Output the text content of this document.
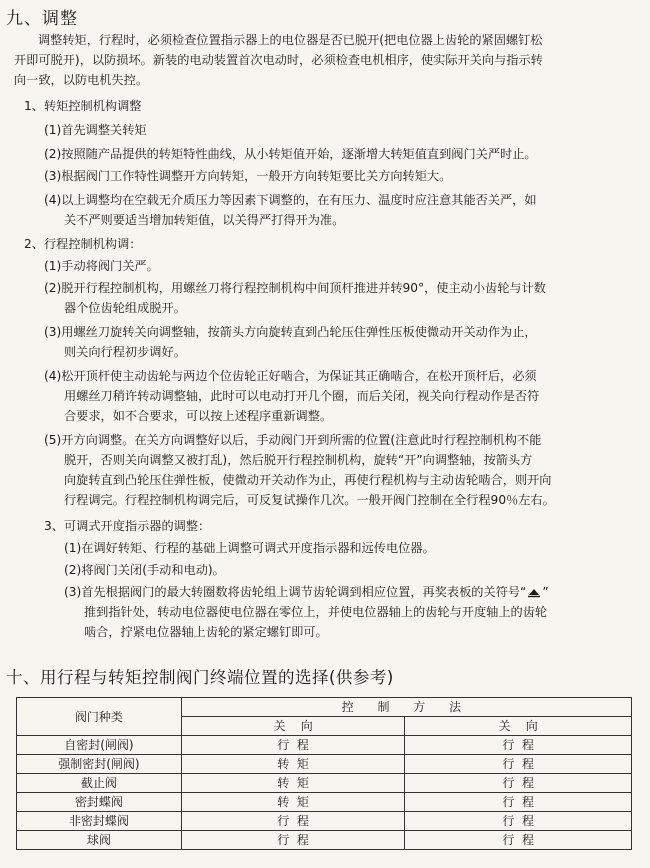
九、调整
调整转矩，行程时，必须检查位置指示器上的电位器是否已脱开(把电位器上齿轮的紧固螺钉松
开即可脱开)，以防损坏。新装的电动装置首次电动时，必须检查电机相序，使实际开关向与指示转
向一致，以防电机失控。
1、转矩控制机构调整
(1)首先调整关转矩
(2)按照随产品提供的转矩特性曲线，从小转矩值开始，逐渐增大转矩值直到阀门关严时止。
(3)根据阀门工作特性调整开方向转矩，一般开方向转矩要比关方向转矩大。
(4)以上调整均在空载无介质压力等因素下调整的，在有压力、温度时应注意其能否关严，如
关不严则要适当增加转矩值，以关得严打得开为准。
2、行程控制机构调：
(1)手动将阀门关严。
(2)脱开行程控制机构，用螺丝刀将行程控制机构中间顶杆推进并转90°，使主动小齿轮与计数
器个位齿轮组成脱开。
(3)用螺丝刀旋转关向调整轴，按箭头方向旋转直到凸轮压住弹性压板使微动开关动作为止，
则关向行程初步调好。
(4)松开顶杆使主动齿轮与两边个位齿轮正好啮合，为保证其正确啮合，在松开顶杆后，必须
用螺丝刀稍许转动调整轴，此时可以电动打开几个圈，而后关闭，视关向行程动作是否符
合要求，如不合要求，可以按上述程序重新调整。
(5)开方向调整。在关方向调整好以后，手动阀门开到所需的位置(注意此时行程控制机构不能
脱开，否则关向调整又被打乱)，然后脱开行程控制机构，旋转“开”向调整轴，按箭头方
向旋转直到凸轮压住弹性板，使微动开关动作为止，再使行程机构与主动齿轮啮合，则开向
行程调完。行程控制机构调完后，可反复试操作几次。一般开阀门控制在全行程90％左右。
3、可调式开度指示器的调整：
(1)在调好转矩、行程的基础上调整可调式开度指示器和远传电位器。
(2)将阀门关闭(手动和电动)。
(3)首先根据阀门的最大转圈数将齿轮组上调节齿轮调到相应位置，再奖表板的关符号“ ”
推到指针处，转动电位器使电位器在零位上，并使电位器轴上的齿轮与开度轴上的齿轮
啮合，拧紧电位器轴上齿轮的紧定螺钉即可。
十、用行程与转矩控制阀门终端位置的选择(供参考)
阀门种类	控 制 方 法	
	关    向	关    向
自密封(闸阀)	行  程	行  程
强制密封(闸阀)	转  矩	行  程
截止阀	转  矩	行  程
密封蝶阀	转  矩	行  程
非密封蝶阀	行  程	行  程
球阀	行  程	行  程
